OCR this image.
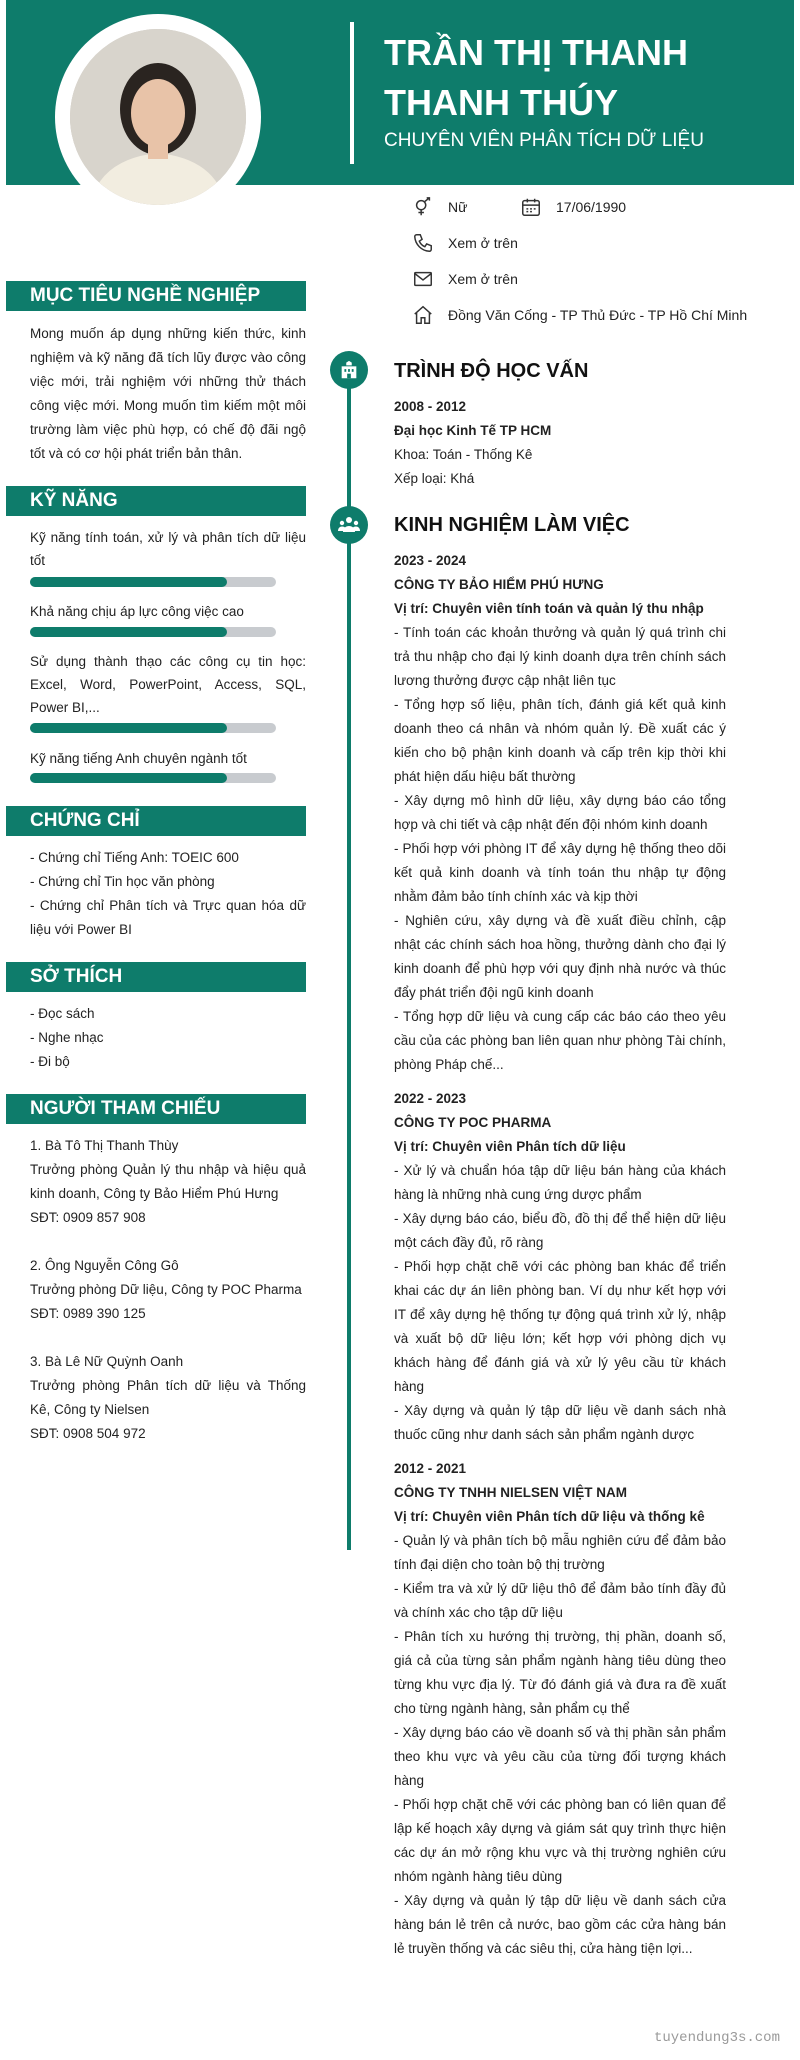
TRẦN THỊ THANH THANH THÚY
CHUYÊN VIÊN PHÂN TÍCH DỮ LIỆU
Nữ	17/06/1990
Xem ở trên
Xem ở trên
Đồng Văn Cống - TP Thủ Đức - TP Hồ Chí Minh
MỤC TIÊU NGHỀ NGHIỆP
Mong muốn áp dụng những kiến thức, kinh nghiệm và kỹ năng đã tích lũy được vào công việc mới, trải nghiệm với những thử thách công việc mới. Mong muốn tìm kiếm một môi trường làm việc phù hợp, có chế độ đãi ngộ tốt và có cơ hội phát triển bản thân.
KỸ NĂNG
Kỹ năng tính toán, xử lý và phân tích dữ liệu tốt
Khả năng chịu áp lực công việc cao
Sử dụng thành thạo các công cụ tin học: Excel, Word, PowerPoint, Access, SQL, Power BI,...
Kỹ năng tiếng Anh chuyên ngành tốt
CHỨNG CHỈ

- Chứng chỉ Tiếng Anh: TOEIC 600

- Chứng chỉ Tin học văn phòng

- Chứng chỉ Phân tích và Trực quan hóa dữ liệu với Power BI

SỞ THÍCH

- Đọc sách

- Nghe nhạc

- Đi bộ

NGƯỜI THAM CHIẾU

1. Bà Tô Thị Thanh Thùy

Trưởng phòng Quản lý thu nhập và hiệu quả kinh doanh, Công ty Bảo Hiểm Phú Hưng

SĐT: 0909 857 908

2. Ông Nguyễn Công Gô

Trưởng phòng Dữ liệu, Công ty POC Pharma

SĐT: 0989 390 125

3. Bà Lê Nữ Quỳnh Oanh

Trưởng phòng Phân tích dữ liệu và Thống Kê, Công ty Nielsen

SĐT: 0908 504 972

TRÌNH ĐỘ HỌC VẤN

2008 - 2012

Đại học Kinh Tế TP HCM

Khoa: Toán - Thống Kê

Xếp loại: Khá

KINH NGHIỆM LÀM VIỆC

2023 - 2024

CÔNG TY BẢO HIỂM PHÚ HƯNG

Vị trí: Chuyên viên tính toán và quản lý thu nhập

- Tính toán các khoản thưởng và quản lý quá trình chi trả thu nhập cho đại lý kinh doanh dựa trên chính sách lương thưởng được cập nhật liên tục

- Tổng hợp số liệu, phân tích, đánh giá kết quả kinh doanh theo cá nhân và nhóm quản lý. Đề xuất các ý kiến cho bộ phận kinh doanh và cấp trên kịp thời khi phát hiện dấu hiệu bất thường

- Xây dựng mô hình dữ liệu, xây dựng báo cáo tổng hợp và chi tiết và cập nhật đến đội nhóm kinh doanh

- Phối hợp với phòng IT để xây dựng hệ thống theo dõi kết quả kinh doanh và tính toán thu nhập tự động nhằm đảm bảo tính chính xác và kịp thời

- Nghiên cứu, xây dựng và đề xuất điều chỉnh, cập nhật các chính sách hoa hồng, thưởng dành cho đại lý kinh doanh để phù hợp với quy định nhà nước và thúc đẩy phát triển đội ngũ kinh doanh

- Tổng hợp dữ liệu và cung cấp các báo cáo theo yêu cầu của các phòng ban liên quan như phòng Tài chính, phòng Pháp chế...

2022 - 2023

CÔNG TY POC PHARMA

Vị trí: Chuyên viên Phân tích dữ liệu

- Xử lý và chuẩn hóa tập dữ liệu bán hàng của khách hàng là những nhà cung ứng dược phẩm

- Xây dựng báo cáo, biểu đồ, đồ thị để thể hiện dữ liệu một cách đầy đủ, rõ ràng

- Phối hợp chặt chẽ với các phòng ban khác để triển khai các dự án liên phòng ban. Ví dụ như kết hợp với IT để xây dựng hệ thống tự động quá trình xử lý, nhập và xuất bộ dữ liệu lớn; kết hợp với phòng dịch vụ khách hàng để đánh giá và xử lý yêu cầu từ khách hàng

- Xây dựng và quản lý tập dữ liệu về danh sách nhà thuốc cũng như danh sách sản phẩm ngành dược

2012 - 2021

CÔNG TY TNHH NIELSEN VIỆT NAM

Vị trí: Chuyên viên Phân tích dữ liệu và thống kê

- Quản lý và phân tích bộ mẫu nghiên cứu để đảm bảo tính đại diện cho toàn bộ thị trường

- Kiểm tra và xử lý dữ liệu thô để đảm bảo tính đầy đủ và chính xác cho tập dữ liệu

- Phân tích xu hướng thị trường, thị phần, doanh số, giá cả của từng sản phẩm ngành hàng tiêu dùng theo từng khu vực địa lý. Từ đó đánh giá và đưa ra đề xuất cho từng ngành hàng, sản phẩm cụ thể

- Xây dựng báo cáo về doanh số và thị phần sản phẩm theo khu vực và yêu cầu của từng đối tượng khách hàng

- Phối hợp chặt chẽ với các phòng ban có liên quan để lập kế hoạch xây dựng và giám sát quy trình thực hiện các dự án mở rộng khu vực và thị trường nghiên cứu nhóm ngành hàng tiêu dùng

- Xây dựng và quản lý tập dữ liệu về danh sách cửa hàng bán lẻ trên cả nước, bao gồm các cửa hàng bán lẻ truyền thống và các siêu thị, cửa hàng tiện lợi...

tuyendung3s.com
